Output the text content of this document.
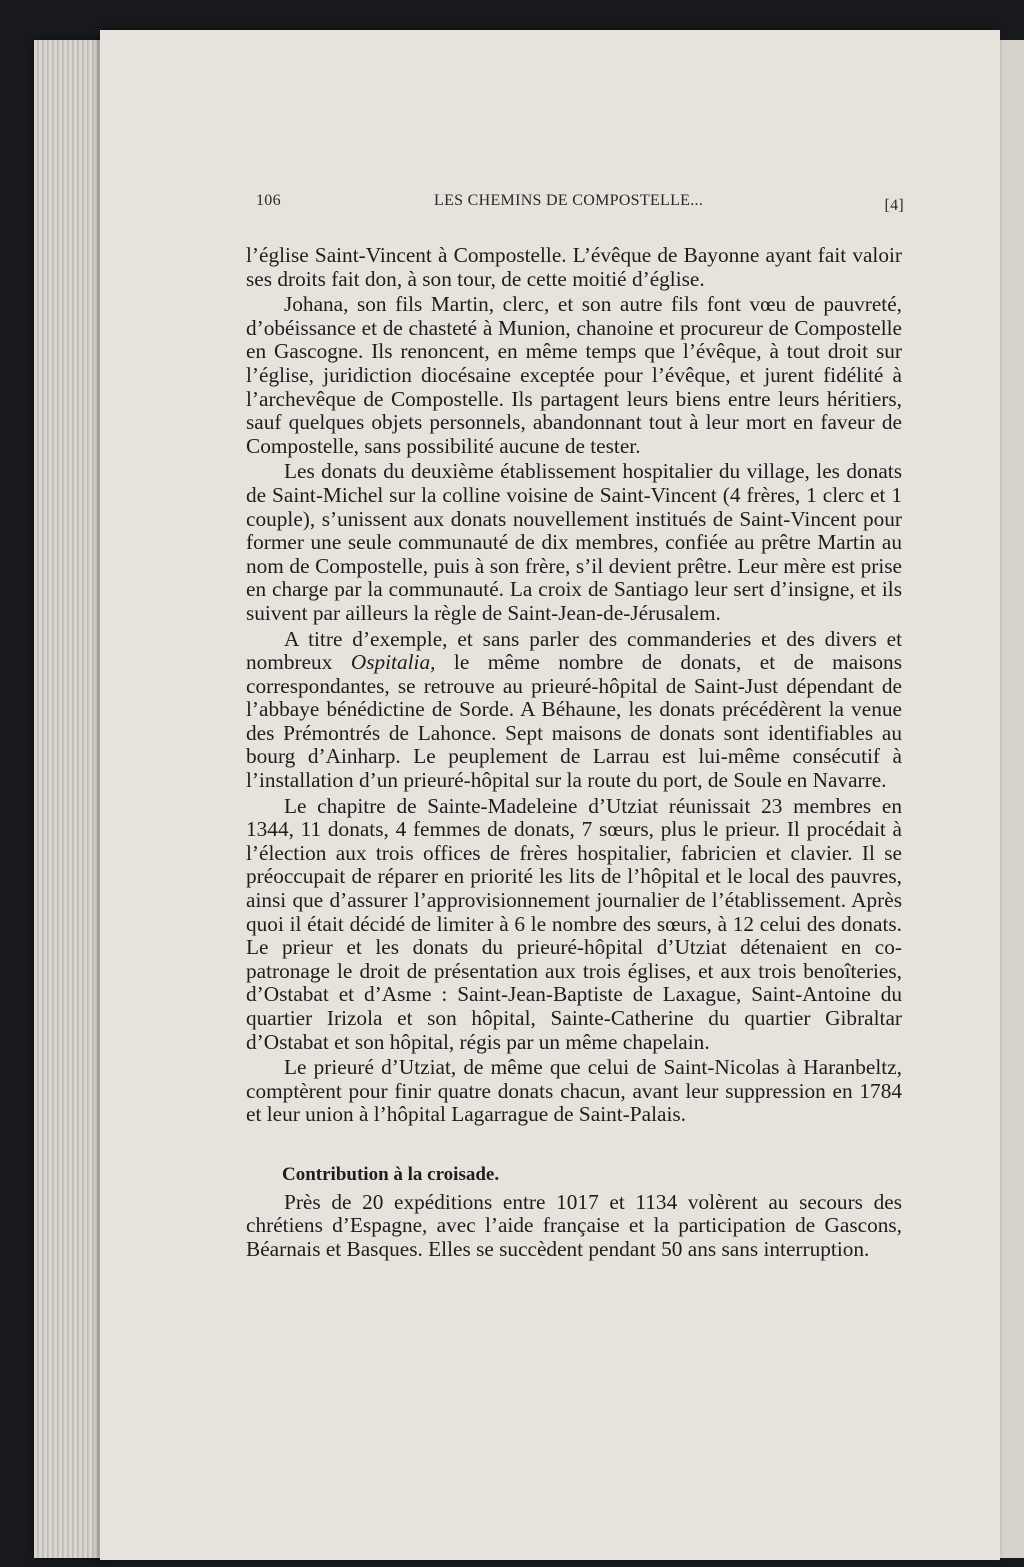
106	LES CHEMINS DE COMPOSTELLE...	[4]

l’église Saint-Vincent à Compostelle. L’évêque de Bayonne ayant fait valoir ses droits fait don, à son tour, de cette moitié d’église.

Johana, son fils Martin, clerc, et son autre fils font vœu de pauvreté, d’obéissance et de chasteté à Munion, chanoine et procureur de Compostelle en Gascogne. Ils renoncent, en même temps que l’évêque, à tout droit sur l’église, juridiction diocésaine exceptée pour l’évêque, et jurent fidélité à l’archevêque de Compostelle. Ils partagent leurs biens entre leurs héritiers, sauf quelques objets personnels, abandonnant tout à leur mort en faveur de Compostelle, sans possibilité aucune de tester.

Les donats du deuxième établissement hospitalier du village, les donats de Saint-Michel sur la colline voisine de Saint-Vincent (4 frères, 1 clerc et 1 couple), s’unissent aux donats nouvellement institués de Saint-Vincent pour former une seule communauté de dix membres, confiée au prêtre Martin au nom de Compostelle, puis à son frère, s’il devient prêtre. Leur mère est prise en charge par la communauté. La croix de Santiago leur sert d’insigne, et ils suivent par ailleurs la règle de Saint-Jean-de-Jérusalem.

A titre d’exemple, et sans parler des commanderies et des divers et nombreux Ospitalia, le même nombre de donats, et de maisons correspondantes, se retrouve au prieuré-hôpital de Saint-Just dépendant de l’abbaye bénédictine de Sorde. A Béhaune, les donats précédèrent la venue des Prémontrés de Lahonce. Sept maisons de donats sont identifiables au bourg d’Ainharp. Le peuplement de Larrau est lui-même consécutif à l’installation d’un prieuré-hôpital sur la route du port, de Soule en Navarre.

Le chapitre de Sainte-Madeleine d’Utziat réunissait 23 membres en 1344, 11 donats, 4 femmes de donats, 7 sœurs, plus le prieur. Il procédait à l’élection aux trois offices de frères hospitalier, fabricien et clavier. Il se préoccupait de réparer en priorité les lits de l’hôpital et le local des pauvres, ainsi que d’assurer l’approvisionnement journalier de l’établissement. Après quoi il était décidé de limiter à 6 le nombre des sœurs, à 12 celui des donats. Le prieur et les donats du prieuré-hôpital d’Utziat détenaient en co-patronage le droit de présentation aux trois églises, et aux trois benoîteries, d’Ostabat et d’Asme : Saint-Jean-Baptiste de Laxague, Saint-Antoine du quartier Irizola et son hôpital, Sainte-Catherine du quartier Gibraltar d’Ostabat et son hôpital, régis par un même chapelain.

Le prieuré d’Utziat, de même que celui de Saint-Nicolas à Haranbeltz, comptèrent pour finir quatre donats chacun, avant leur suppression en 1784 et leur union à l’hôpital Lagarrague de Saint-Palais.

Contribution à la croisade.

Près de 20 expéditions entre 1017 et 1134 volèrent au secours des chrétiens d’Espagne, avec l’aide française et la participation de Gascons, Béarnais et Basques. Elles se succèdent pendant 50 ans sans interruption.
